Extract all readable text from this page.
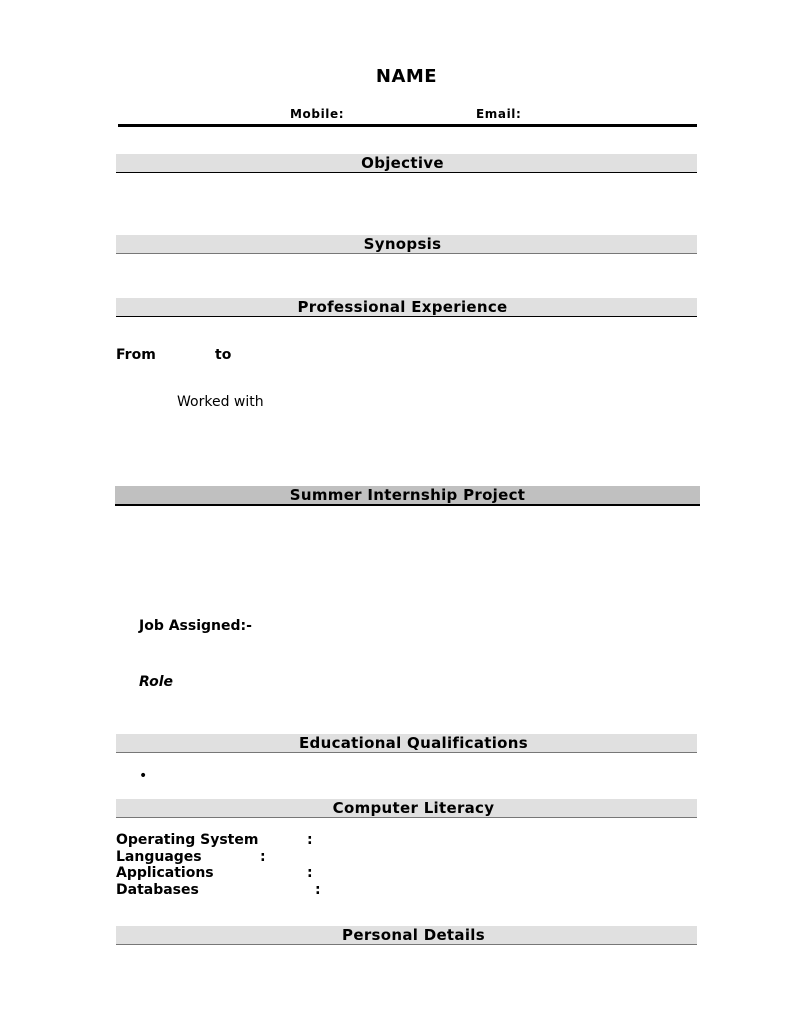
NAME
Mobile:	Email:
Objective
Synopsis
Professional Experience
From	to
Worked with
Summer Internship Project
Job Assigned:-
Role
Educational Qualifications
•
Computer Literacy
Operating System	:
Languages	:
Applications	:
Databases	:
Personal Details
